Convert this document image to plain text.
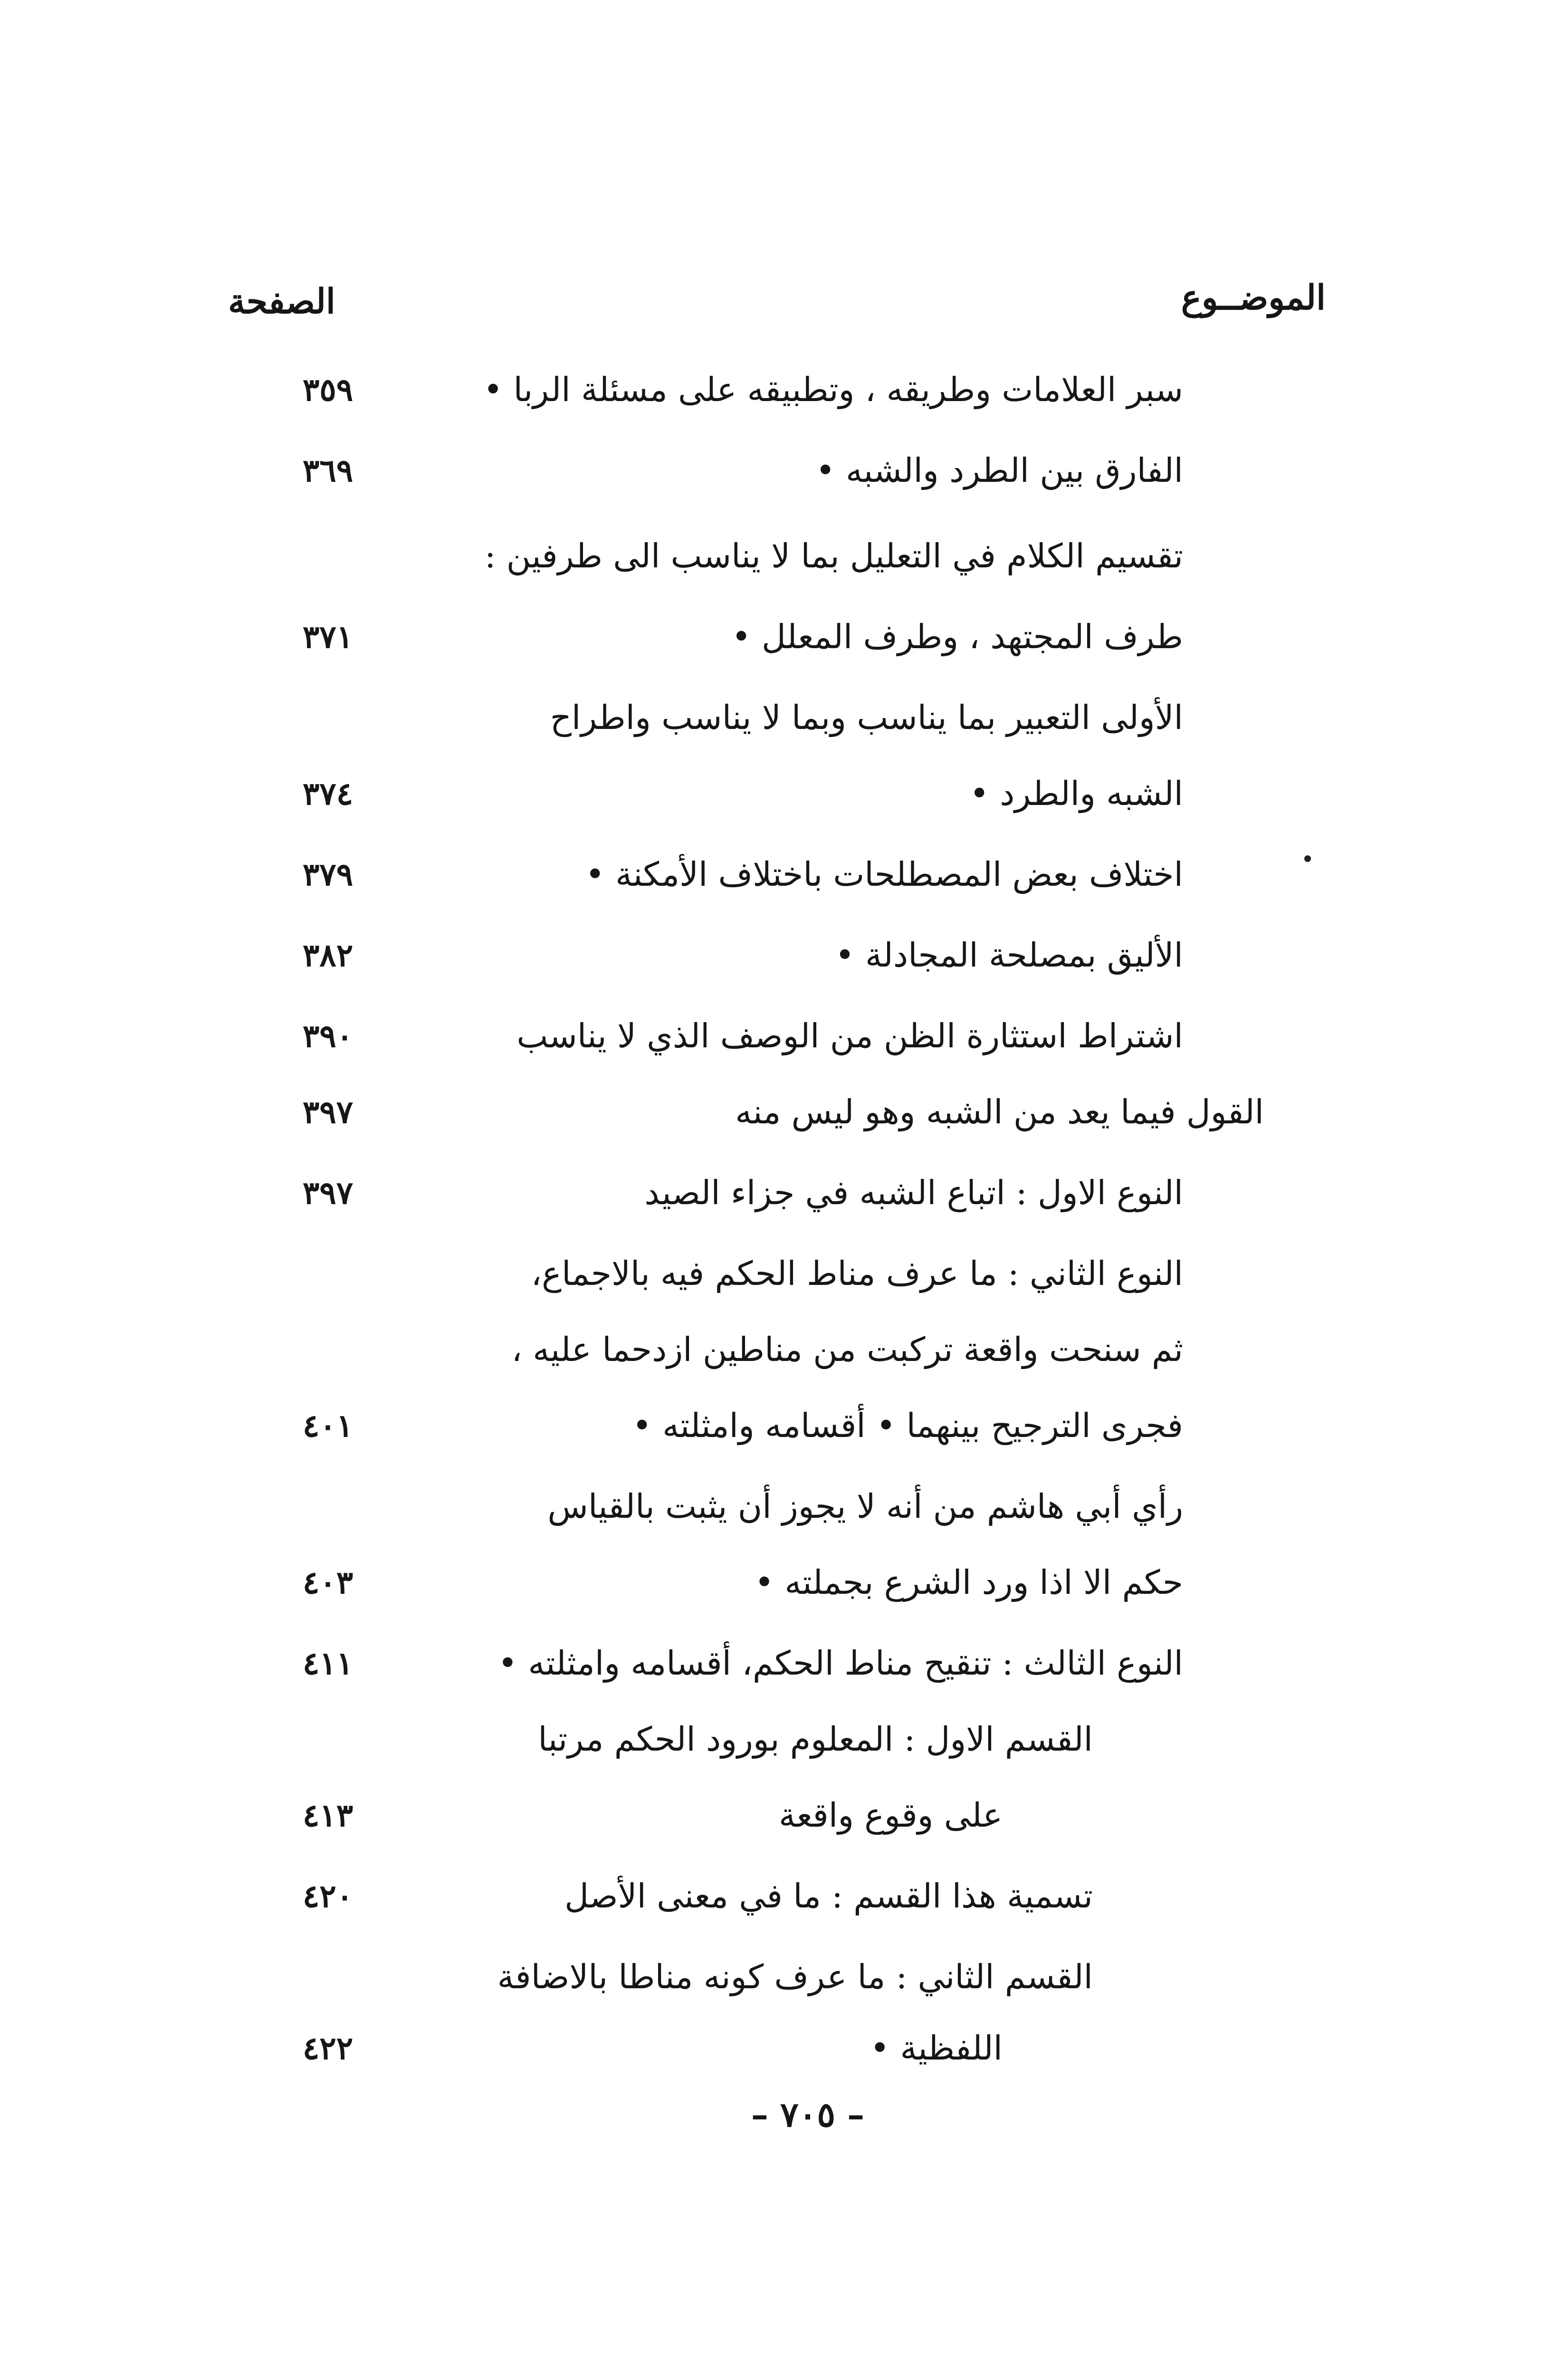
الموضــوع
الصفحة
سبر العلامات وطريقه ، وتطبيقه على مسئلة الربا •
٣٥٩
الفارق بين الطرد والشبه •
٣٦٩
تقسيم الكلام في التعليل بما لا يناسب الى طرفين :
طرف المجتهد ، وطرف المعلل •
٣٧١
الأولى التعبير بما يناسب وبما لا يناسب واطراح
الشبه والطرد •
٣٧٤
اختلاف بعض المصطلحات باختلاف الأمكنة •
٣٧٩
الأليق بمصلحة المجادلة •
٣٨٢
اشتراط استثارة الظن من الوصف الذي لا يناسب
٣٩٠
القول فيما يعد من الشبه وهو ليس منه
٣٩٧
النوع الاول : اتباع الشبه في جزاء الصيد
٣٩٧
النوع الثاني : ما عرف مناط الحكم فيه بالاجماع،
ثم سنحت واقعة تركبت من مناطين ازدحما عليه ،
فجرى الترجيح بينهما • أقسامه وامثلته •
٤٠١
رأي أبي هاشم من أنه لا يجوز أن يثبت بالقياس
حكم الا اذا ورد الشرع بجملته •
٤٠٣
النوع الثالث : تنقيح مناط الحكم، أقسامه وامثلته •
٤١١
القسم الاول : المعلوم بورود الحكم مرتبا
على وقوع واقعة
٤١٣
تسمية هذا القسم : ما في معنى الأصل
٤٢٠
القسم الثاني : ما عرف كونه مناطا بالاضافة
اللفظية •
٤٢٢
– ٧٠٥ –
